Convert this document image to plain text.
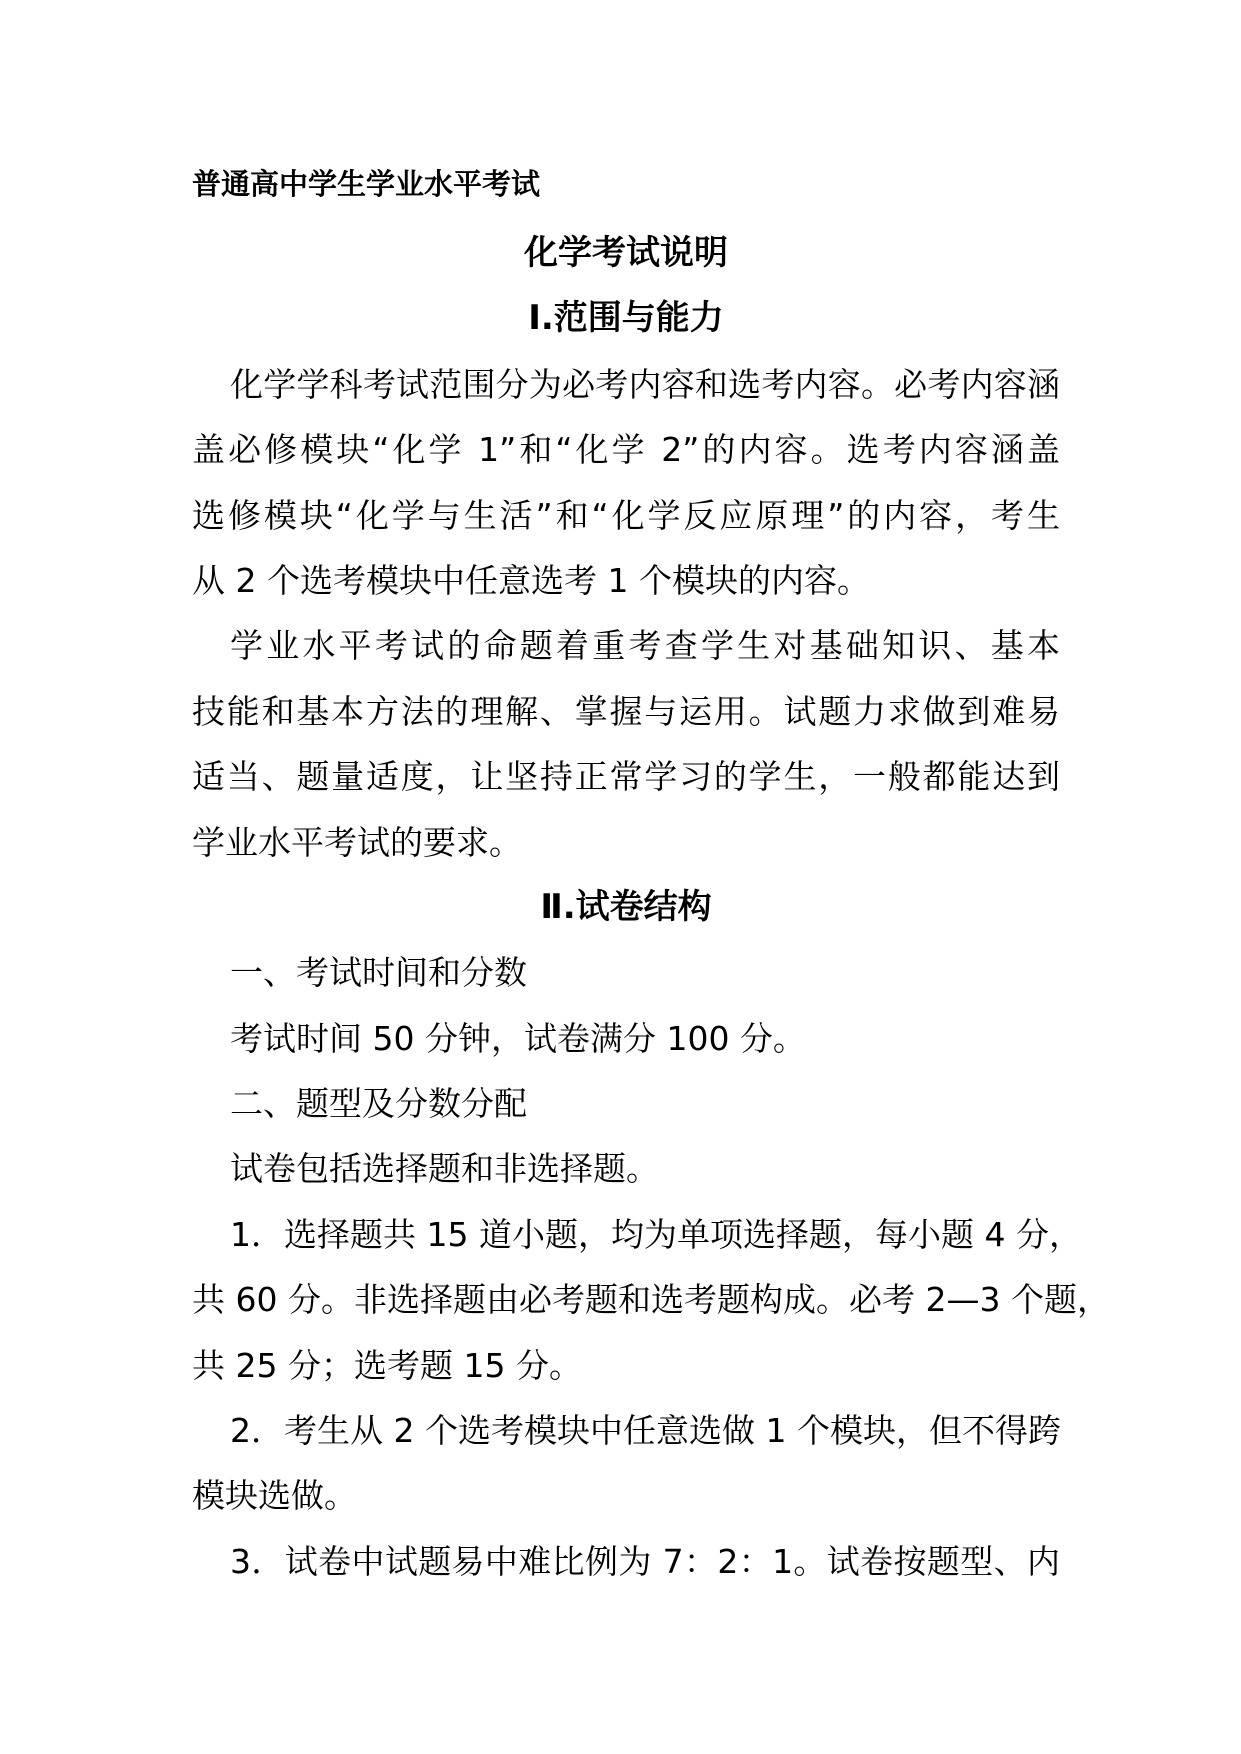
普通高中学生学业水平考试
化学考试说明
Ⅰ.范围与能力
化学学科考试范围分为必考内容和选考内容。必考内容涵
盖必修模块“化学 1”和“化学 2”的内容。选考内容涵盖
选修模块“化学与生活”和“化学反应原理”的内容，考生
从 2 个选考模块中任意选考 1 个模块的内容。
学业水平考试的命题着重考查学生对基础知识、基本
技能和基本方法的理解、掌握与运用。试题力求做到难易
适当、题量适度，让坚持正常学习的学生，一般都能达到
学业水平考试的要求。
Ⅱ.试卷结构
一、考试时间和分数
考试时间 50 分钟，试卷满分 100 分。
二、题型及分数分配
试卷包括选择题和非选择题。
1．选择题共 15 道小题，均为单项选择题，每小题 4 分，
共 60 分。非选择题由必考题和选考题构成。必考 2—3 个题，
共 25 分；选考题 15 分。
2．考生从 2 个选考模块中任意选做 1 个模块，但不得跨
模块选做。
3．试卷中试题易中难比例为 7：2：1。试卷按题型、内
